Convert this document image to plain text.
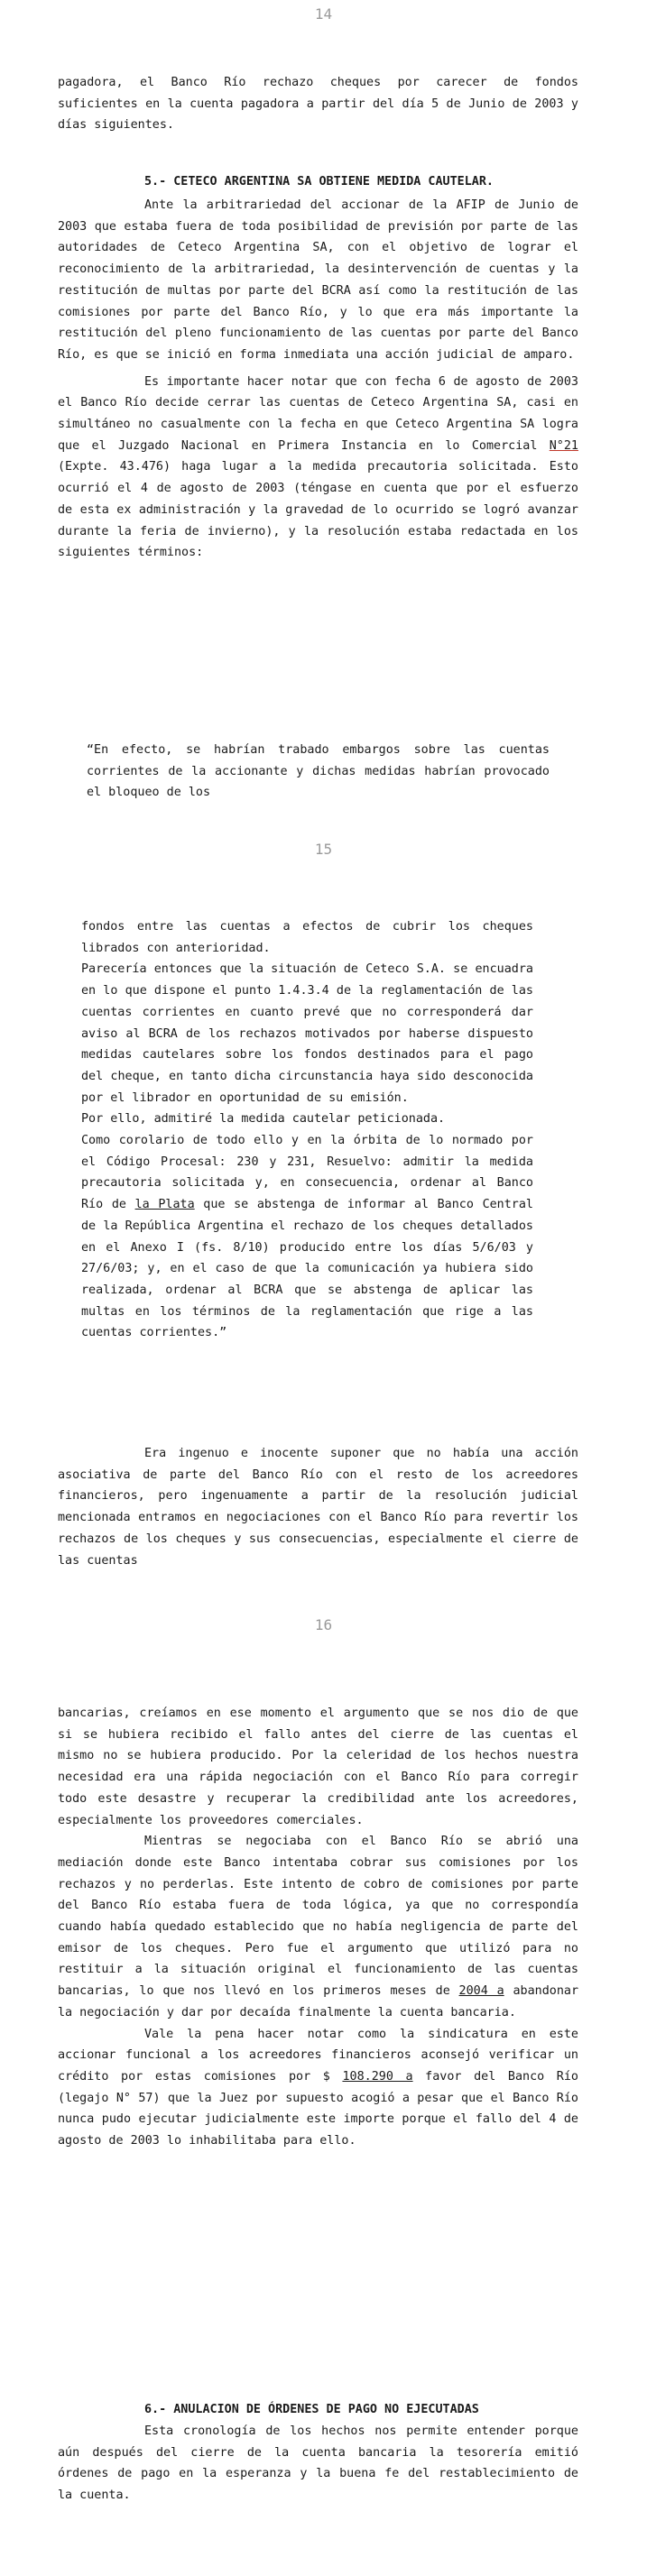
14

pagadora, el Banco Río rechazo cheques por carecer de fondos suficientes en la cuenta pagadora a partir del día 5 de Junio de 2003 y días siguientes.

5.- CETECO ARGENTINA SA OBTIENE MEDIDA CAUTELAR.

Ante la arbitrariedad del accionar de la AFIP de Junio de 2003 que estaba fuera de toda posibilidad de previsión por parte de las autoridades de Ceteco Argentina SA, con el objetivo de lograr el reconocimiento de la arbitrariedad, la desintervención de cuentas y la restitución de multas por parte del BCRA así como la restitución de las comisiones por parte del Banco Río, y lo que era más importante la restitución del pleno funcionamiento de las cuentas por parte del Banco Río, es que se inició en forma inmediata una acción judicial de amparo.

Es importante hacer notar que con fecha 6 de agosto de 2003 el Banco Río decide cerrar las cuentas de Ceteco Argentina SA, casi en simultáneo no casualmente con la fecha en que Ceteco Argentina SA logra que el Juzgado Nacional en Primera Instancia en lo Comercial N°21 (Expte. 43.476) haga lugar a la medida precautoria solicitada. Esto ocurrió el 4 de agosto de 2003 (téngase en cuenta que por el esfuerzo de esta ex administración y la gravedad de lo ocurrido se logró avanzar durante la feria de invierno), y la resolución estaba redactada en los siguientes términos:

“En efecto, se habrían trabado embargos sobre las cuentas corrientes de la accionante y dichas medidas habrían provocado el bloqueo de los

15

fondos entre las cuentas a efectos de cubrir los cheques librados con anterioridad.

Parecería entonces que la situación de Ceteco S.A. se encuadra en lo que dispone el punto 1.4.3.4 de la reglamentación de las cuentas corrientes en cuanto prevé que no corresponderá dar aviso al BCRA de los rechazos motivados por haberse dispuesto medidas cautelares sobre los fondos destinados para el pago del cheque, en tanto dicha circunstancia haya sido desconocida por el librador en oportunidad de su emisión.

Por ello, admitiré la medida cautelar peticionada.

Como corolario de todo ello y en la órbita de lo normado por el Código Procesal: 230 y 231, Resuelvo: admitir la medida precautoria solicitada y, en consecuencia, ordenar al Banco Río de la Plata que se abstenga de informar al Banco Central de la República Argentina el rechazo de los cheques detallados en el Anexo I (fs. 8/10) producido entre los días 5/6/03 y 27/6/03; y, en el caso de que la comunicación ya hubiera sido realizada, ordenar al BCRA que se abstenga de aplicar las multas en los términos de la reglamentación que rige a las cuentas corrientes.”

Era ingenuo e inocente suponer que no había una acción asociativa de parte del Banco Río con el resto de los acreedores financieros, pero ingenuamente a partir de la resolución judicial mencionada entramos en negociaciones con el Banco Río para revertir los rechazos de los cheques y sus consecuencias, especialmente el cierre de las cuentas

16

bancarias, creíamos en ese momento el argumento que se nos dio de que si se hubiera recibido el fallo antes del cierre de las cuentas el mismo no se hubiera producido. Por la celeridad de los hechos nuestra necesidad era una rápida negociación con el Banco Río para corregir todo este desastre y recuperar la credibilidad ante los acreedores, especialmente los proveedores comerciales.

Mientras se negociaba con el Banco Río se abrió una mediación donde este Banco intentaba cobrar sus comisiones por los rechazos y no perderlas. Este intento de cobro de comisiones por parte del Banco Río estaba fuera de toda lógica, ya que no correspondía cuando había quedado establecido que no había negligencia de parte del emisor de los cheques. Pero fue el argumento que utilizó para no restituir a la situación original el funcionamiento de las cuentas bancarias, lo que nos llevó en los primeros meses de 2004 a abandonar la negociación y dar por decaída finalmente la cuenta bancaria.

Vale la pena hacer notar como la sindicatura en este accionar funcional a los acreedores financieros aconsejó verificar un crédito por estas comisiones por $ 108.290 a favor del Banco Río (legajo N° 57) que la Juez por supuesto acogió a pesar que el Banco Río nunca pudo ejecutar judicialmente este importe porque el fallo del 4 de agosto de 2003 lo inhabilitaba para ello.

6.- ANULACION DE ÓRDENES DE PAGO NO EJECUTADAS

Esta cronología de los hechos nos permite entender porque aún después del cierre de la cuenta bancaria la tesorería emitió órdenes de pago en la esperanza y la buena fe del restablecimiento de la cuenta.
